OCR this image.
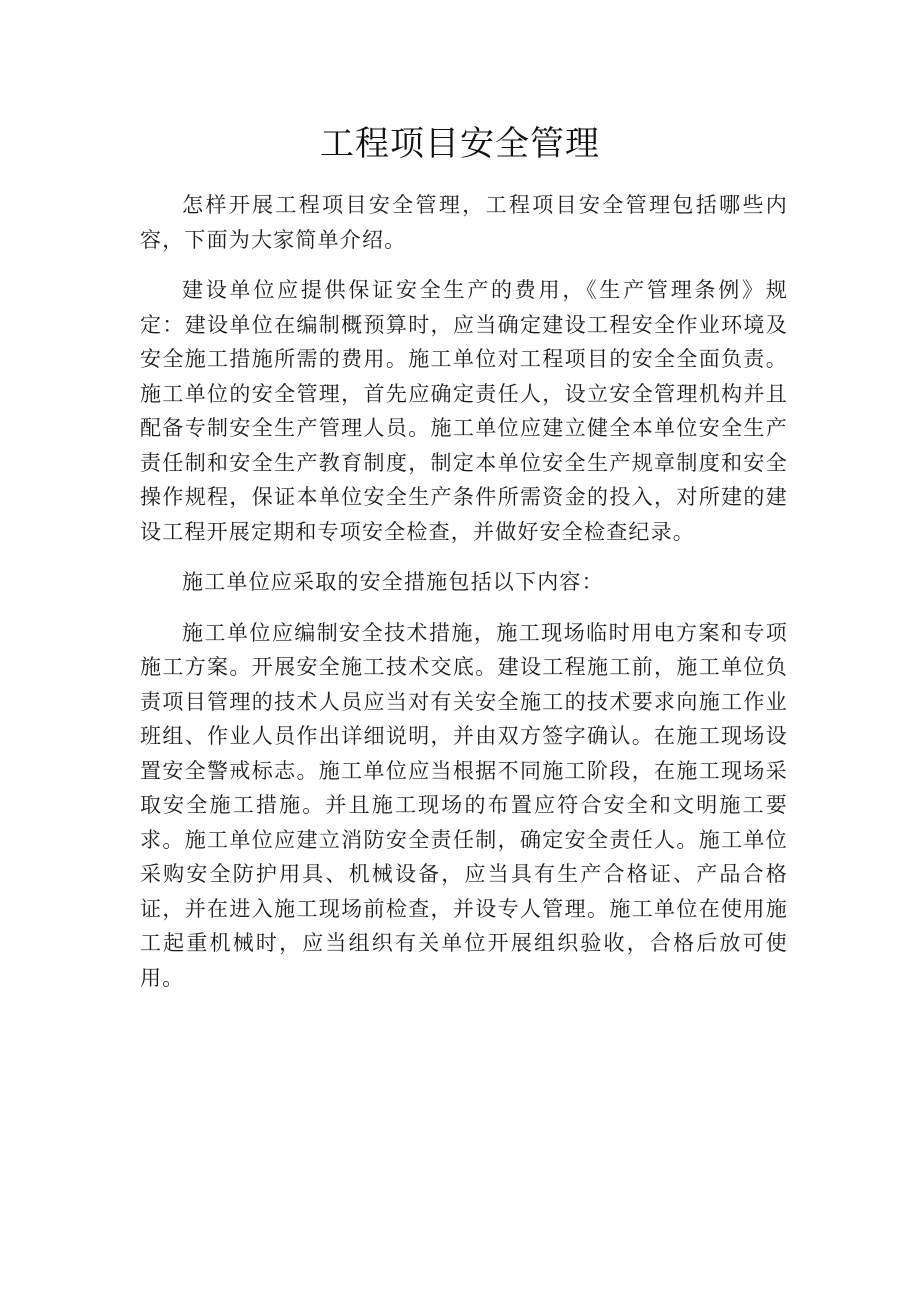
工程项目安全管理

怎样开展工程项目安全管理，工程项目安全管理包括哪些内容，下面为大家简单介绍。

建设单位应提供保证安全生产的费用，《生产管理条例》规定：建设单位在编制概预算时，应当确定建设工程安全作业环境及安全施工措施所需的费用。施工单位对工程项目的安全全面负责。施工单位的安全管理，首先应确定责任人，设立安全管理机构并且配备专制安全生产管理人员。施工单位应建立健全本单位安全生产责任制和安全生产教育制度，制定本单位安全生产规章制度和安全操作规程，保证本单位安全生产条件所需资金的投入，对所建的建设工程开展定期和专项安全检查，并做好安全检查纪录。

施工单位应采取的安全措施包括以下内容：

施工单位应编制安全技术措施，施工现场临时用电方案和专项施工方案。开展安全施工技术交底。建设工程施工前，施工单位负责项目管理的技术人员应当对有关安全施工的技术要求向施工作业班组、作业人员作出详细说明，并由双方签字确认。在施工现场设置安全警戒标志。施工单位应当根据不同施工阶段，在施工现场采取安全施工措施。并且施工现场的布置应符合安全和文明施工要求。施工单位应建立消防安全责任制，确定安全责任人。施工单位采购安全防护用具、机械设备，应当具有生产合格证、产品合格证，并在进入施工现场前检查，并设专人管理。施工单位在使用施工起重机械时，应当组织有关单位开展组织验收，合格后放可使用。
